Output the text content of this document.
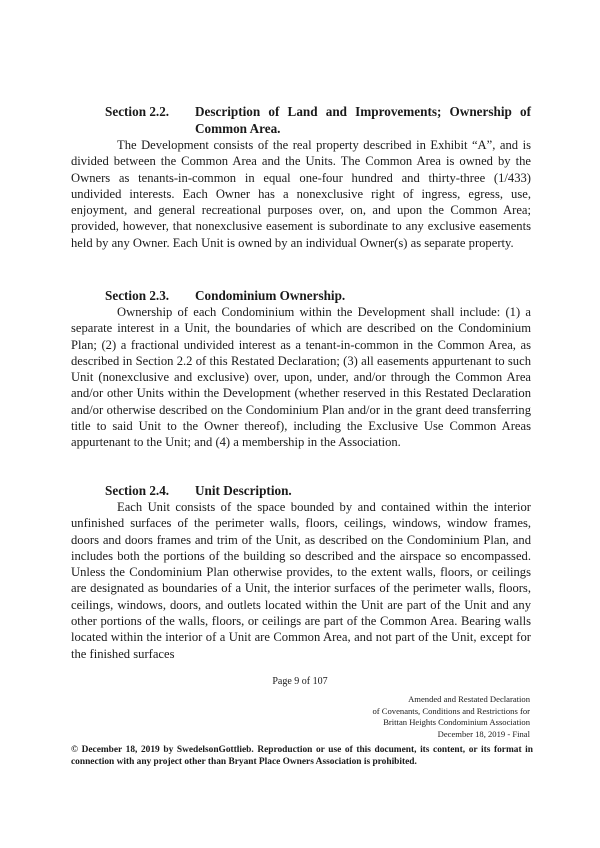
Section 2.2. Description of Land and Improvements; Ownership of
Common Area.

The Development consists of the real property described in Exhibit “A”, and is divided between the Common Area and the Units. The Common Area is owned by the Owners as tenants-in-common in equal one-four hundred and thirty-three (1/433) undivided interests. Each Owner has a nonexclusive right of ingress, egress, use, enjoyment, and general recreational purposes over, on, and upon the Common Area; provided, however, that nonexclusive easement is subordinate to any exclusive easements held by any Owner. Each Unit is owned by an individual Owner(s) as separate property.

Section 2.3. Condominium Ownership.

Ownership of each Condominium within the Development shall include: (1) a separate interest in a Unit, the boundaries of which are described on the Condominium Plan; (2) a fractional undivided interest as a tenant-in-common in the Common Area, as described in Section 2.2 of this Restated Declaration; (3) all easements appurtenant to such Unit (nonexclusive and exclusive) over, upon, under, and/or through the Common Area and/or other Units within the Development (whether reserved in this Restated Declaration and/or otherwise described on the Condominium Plan and/or in the grant deed transferring title to said Unit to the Owner thereof), including the Exclusive Use Common Areas appurtenant to the Unit; and (4) a membership in the Association.

Section 2.4. Unit Description.

Each Unit consists of the space bounded by and contained within the interior unfinished surfaces of the perimeter walls, floors, ceilings, windows, window frames, doors and doors frames and trim of the Unit, as described on the Condominium Plan, and includes both the portions of the building so described and the airspace so encompassed. Unless the Condominium Plan otherwise provides, to the extent walls, floors, or ceilings are designated as boundaries of a Unit, the interior surfaces of the perimeter walls, floors, ceilings, windows, doors, and outlets located within the Unit are part of the Unit and any other portions of the walls, floors, or ceilings are part of the Common Area. Bearing walls located within the interior of a Unit are Common Area, and not part of the Unit, except for the finished surfaces

Page 9 of 107
Amended and Restated Declaration
of Covenants, Conditions and Restrictions for
Brittan Heights Condominium Association
December 18, 2019 - Final
© December 18, 2019 by SwedelsonGottlieb. Reproduction or use of this document, its content, or its format in connection with any project other than Bryant Place Owners Association is prohibited.
